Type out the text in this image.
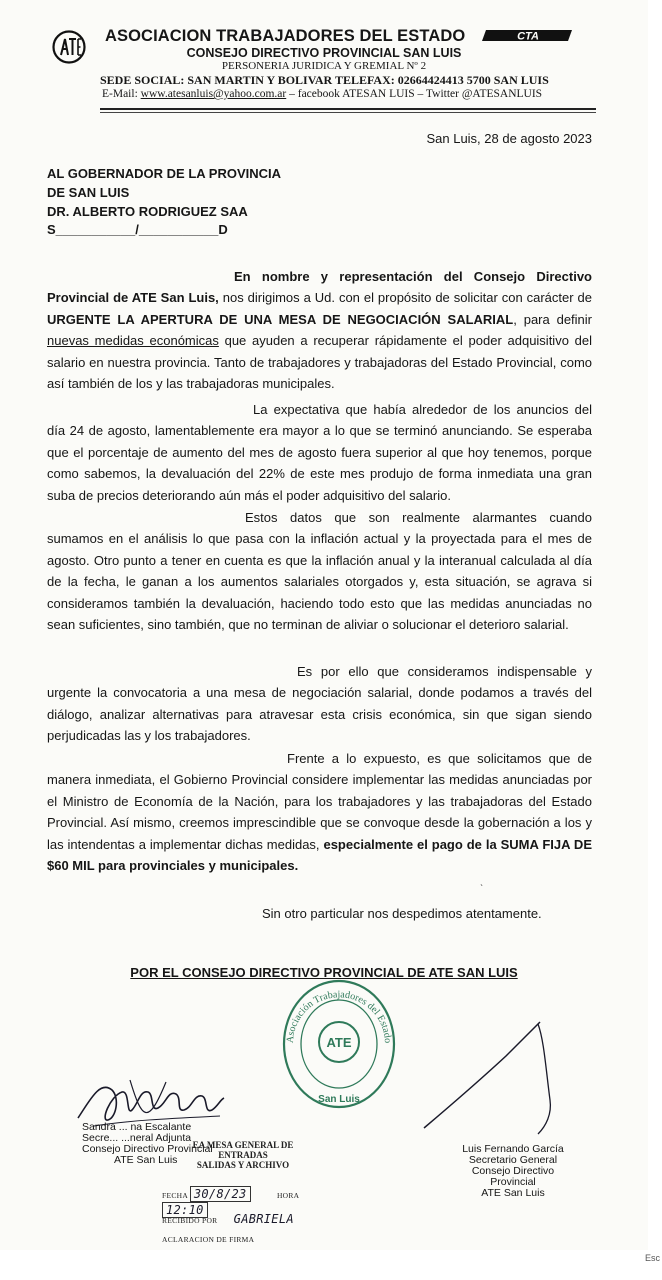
ASOCIACION TRABAJADORES DEL ESTADO	CTA
CONSEJO DIRECTIVO PROVINCIAL SAN LUIS
PERSONERIA JURIDICA Y GREMIAL Nº 2
SEDE SOCIAL: SAN MARTIN Y BOLIVAR TELEFAX: 02664424413 5700 SAN LUIS
E-Mail: www.atesanluis@yahoo.com.ar – facebook ATESAN LUIS – Twitter @ATESANLUIS
San Luis, 28 de agosto 2023
AL GOBERNADOR DE LA PROVINCIA
DE SAN LUIS
DR. ALBERTO RODRIGUEZ SAA
S___________/___________D
En nombre y representación del Consejo Directivo Provincial de ATE San Luis, nos dirigimos a Ud. con el propósito de solicitar con carácter de URGENTE LA APERTURA DE UNA MESA DE NEGOCIACIÓN SALARIAL, para definir nuevas medidas económicas que ayuden a recuperar rápidamente el poder adquisitivo del salario en nuestra provincia. Tanto de trabajadores y trabajadoras del Estado Provincial, como así también de los y las trabajadoras municipales.
La expectativa que había alrededor de los anuncios del día 24 de agosto, lamentablemente era mayor a lo que se terminó anunciando. Se esperaba que el porcentaje de aumento del mes de agosto fuera superior al que hoy tenemos, porque como sabemos, la devaluación del 22% de este mes produjo de forma inmediata una gran suba de precios deteriorando aún más el poder adquisitivo del salario.
Estos datos que son realmente alarmantes cuando sumamos en el análisis lo que pasa con la inflación actual y la proyectada para el mes de agosto. Otro punto a tener en cuenta es que la inflación anual y la interanual calculada al día de la fecha, le ganan a los aumentos salariales otorgados y, esta situación, se agrava si consideramos también la devaluación, haciendo todo esto que las medidas anunciadas no sean suficientes, sino también, que no terminan de aliviar o solucionar el deterioro salarial.
Es por ello que consideramos indispensable y urgente la convocatoria a una mesa de negociación salarial, donde podamos a través del diálogo, analizar alternativas para atravesar esta crisis económica, sin que sigan siendo perjudicadas las y los trabajadores.
Frente a lo expuesto, es que solicitamos que de manera inmediata, el Gobierno Provincial considere implementar las medidas anunciadas por el Ministro de Economía de la Nación, para los trabajadores y las trabajadoras del Estado Provincial. Así mismo, creemos imprescindible que se convoque desde la gobernación a los y las intendentas a implementar dichas medidas, especialmente el pago de la SUMA FIJA DE $60 MIL para provinciales y municipales.
ˋ
Sin otro particular nos despedimos atentamente.
POR EL CONSEJO DIRECTIVO PROVINCIAL DE ATE SAN LUIS
Asociación Trabajadores del Estado
ATE
San Luis
Sandra ... na Escalante
Secre... ...neral Adjunta
Consejo Directivo Provincial
ATE San Luis
Luis Fernando García
Secretario General
Consejo Directivo Provincial
ATE San Luis
EA MESA GENERAL DE
ENTRADAS
SALIDAS Y ARCHIVO
FECHA 30/8/23	HORA 12:10
RECIBIDO POR GABRIELA
ACLARACION DE FIRMA
Esc
